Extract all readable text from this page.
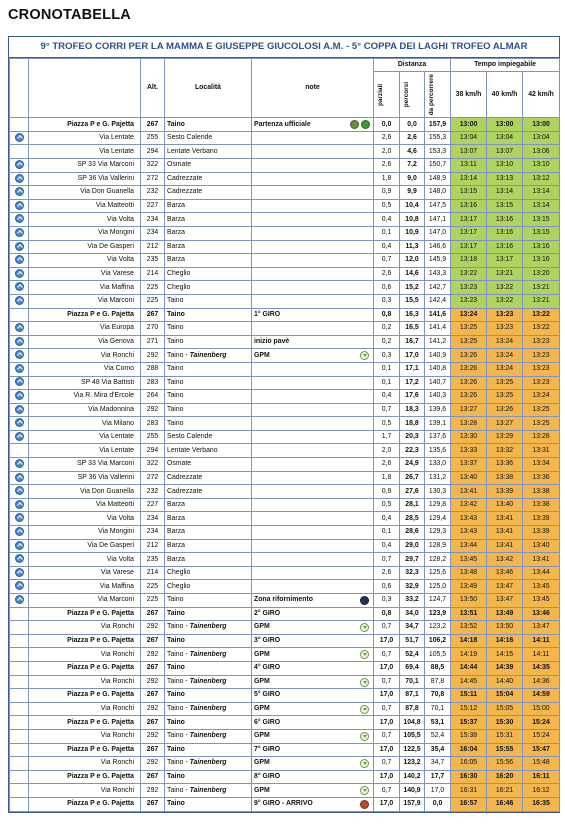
CRONOTABELLA
9° TROFEO CORRI PER LA MAMMA E GIUSEPPE GIUCOLOSI A.M. - 5° COPPA DEI LAGHI TROFEO ALMAR
		Alt.	Località	note	Distanza			Tempo impiegabile		

					parziali	percorsi	da percorrere	38 km/h	40 km/h	42 km/h
	Piazza P e G. Pajetta	267	Taino	Partenza ufficiale	0,0	0,0	157,9	13:00	13:00	13:00
	Via Lentate	255	Sesto Calende		2,6	2,6	155,3	13:04	13:04	13:04
	Via Lentate	294	Lentate Verbano		2,0	4,6	153,3	13:07	13:07	13:06
	SP 33 Via Marconi	322	Osmate		2,6	7,2	150,7	13:11	13:10	13:10
	SP 36 Via Vallerini	272	Cadrezzate		1,8	9,0	148,9	13:14	13:13	13:12
	Via Don Guanella	232	Cadrezzate		0,9	9,9	148,0	13:15	13:14	13:14
	Via Matteotti	227	Barza		0,5	10,4	147,5	13:16	13:15	13:14
	Via Volta	234	Barza		0,4	10,8	147,1	13:17	13:16	13:15
	Via Mongini	234	Barza		0,1	10,9	147,0	13:17	13:16	13:15
	Via De Gasperi	212	Barza		0,4	11,3	146,6	13:17	13:16	13:16
	Via Volta	235	Barza		0,7	12,0	145,9	13:18	13:17	13:16
	Via Varese	214	Cheglio		2,6	14,6	143,3	13:22	13:21	13:20
	Via Maffina	225	Cheglio		0,6	15,2	142,7	13:23	13:22	13:21
	Via Marconi	225	Taino		0,3	15,5	142,4	13:23	13:22	13:21
	Piazza P e G. Pajetta	267	Taino	1° GIRO	0,8	16,3	141,6	13:24	13:23	13:22
	Via Europa	270	Taino		0,2	16,5	141,4	13:25	13:23	13:22
	Via Genova	271	Taino	inizio pavè	0,2	16,7	141,2	13:25	13:24	13:23
	Via Ronchi	292	Taino - Tainenberg	GPM	0,3	17,0	140,9	13:26	13:24	13:23
	Via Como	288	Taino		0,1	17,1	140,8	13:26	13:24	13:23
	SP 48 Via Battisti	283	Taino		0,1	17,2	140,7	13:26	13:25	13:23
	Via R. Mira d'Ercole	264	Taino		0,4	17,6	140,3	13:26	13:25	13:24
	Via Madonnina	292	Taino		0,7	18,3	139,6	13:27	13:26	13:25
	Via Milano	283	Taino		0,5	18,8	139,1	13:28	13:27	13:25
	Via Lentate	255	Sesto Calende		1,7	20,3	137,6	13:30	13:29	13:28
	Via Lentate	294	Lentate Verbano		2,0	22,3	135,6	13:33	13:32	13:31
	SP 33 Via Marconi	322	Osmate		2,6	24,9	133,0	13:37	13:36	13:34
	SP 36 Via Vallerini	272	Cadrezzate		1,8	26,7	131,2	13:40	13:38	13:36
	Via Don Guanella	232	Cadrezzate		0,9	27,6	130,3	13:41	13:39	13:38
	Via Matteotti	227	Barza		0,5	28,1	129,8	13:42	13:40	13:38
	Via Volta	234	Barza		0,4	28,5	129,4	13:43	13:41	13:39
	Via Mongini	234	Barza		0,1	28,6	129,3	13:43	13:41	13:39
	Via De Gasperi	212	Barza		0,4	29,0	128,9	13:44	13:41	13:40
	Via Volta	235	Barza		0,7	29,7	128,2	13:45	13:42	13:41
	Via Varese	214	Cheglio		2,6	32,3	125,6	13:48	13:46	13:44
	Via Maffina	225	Cheglio		0,6	32,9	125,0	13:49	13:47	13:45
	Via Marconi	225	Taino	Zona rifornimento	0,3	33,2	124,7	13:50	13:47	13:45
	Piazza P e G. Pajetta	267	Taino	2° GIRO	0,8	34,0	123,9	13:51	13:49	13:46
	Via Ronchi	292	Taino - Tainenberg	GPM	0,7	34,7	123,2	13:52	13:50	13:47
	Piazza P e G. Pajetta	267	Taino	3° GIRO	17,0	51,7	106,2	14:18	14:16	14:11
	Via Ronchi	292	Taino - Tainenberg	GPM	0,7	52,4	105,5	14:19	14:15	14:11
	Piazza P e G. Pajetta	267	Taino	4° GIRO	17,0	69,4	88,5	14:44	14:39	14:35
	Via Ronchi	292	Taino - Tainenberg	GPM	0,7	70,1	87,8	14:45	14:40	14:36
	Piazza P e G. Pajetta	267	Taino	5° GIRO	17,0	87,1	70,8	15:11	15:04	14:59
	Via Ronchi	292	Taino - Tainenberg	GPM	0,7	87,8	70,1	15:12	15:05	15:00
	Piazza P e G. Pajetta	267	Taino	6° GIRO	17,0	104,8	53,1	15:37	15:30	15:24
	Via Ronchi	292	Taino - Tainenberg	GPM	0,7	105,5	52,4	15:38	15:31	15:24
	Piazza P e G. Pajetta	267	Taino	7° GIRO	17,0	122,5	35,4	16:04	15:55	15:47
	Via Ronchi	292	Taino - Tainenberg	GPM	0,7	123,2	34,7	16:05	15:56	15:48
	Piazza P e G. Pajetta	267	Taino	8° GIRO	17,0	140,2	17,7	16:30	16:20	16:11
	Via Ronchi	292	Taino - Tainenberg	GPM	0,7	140,9	17,0	16:31	16:21	16:12
	Piazza P e G. Pajetta	267	Taino	9° GIRO - ARRIVO	17,0	157,9	0,0	16:57	16:46	16:35
